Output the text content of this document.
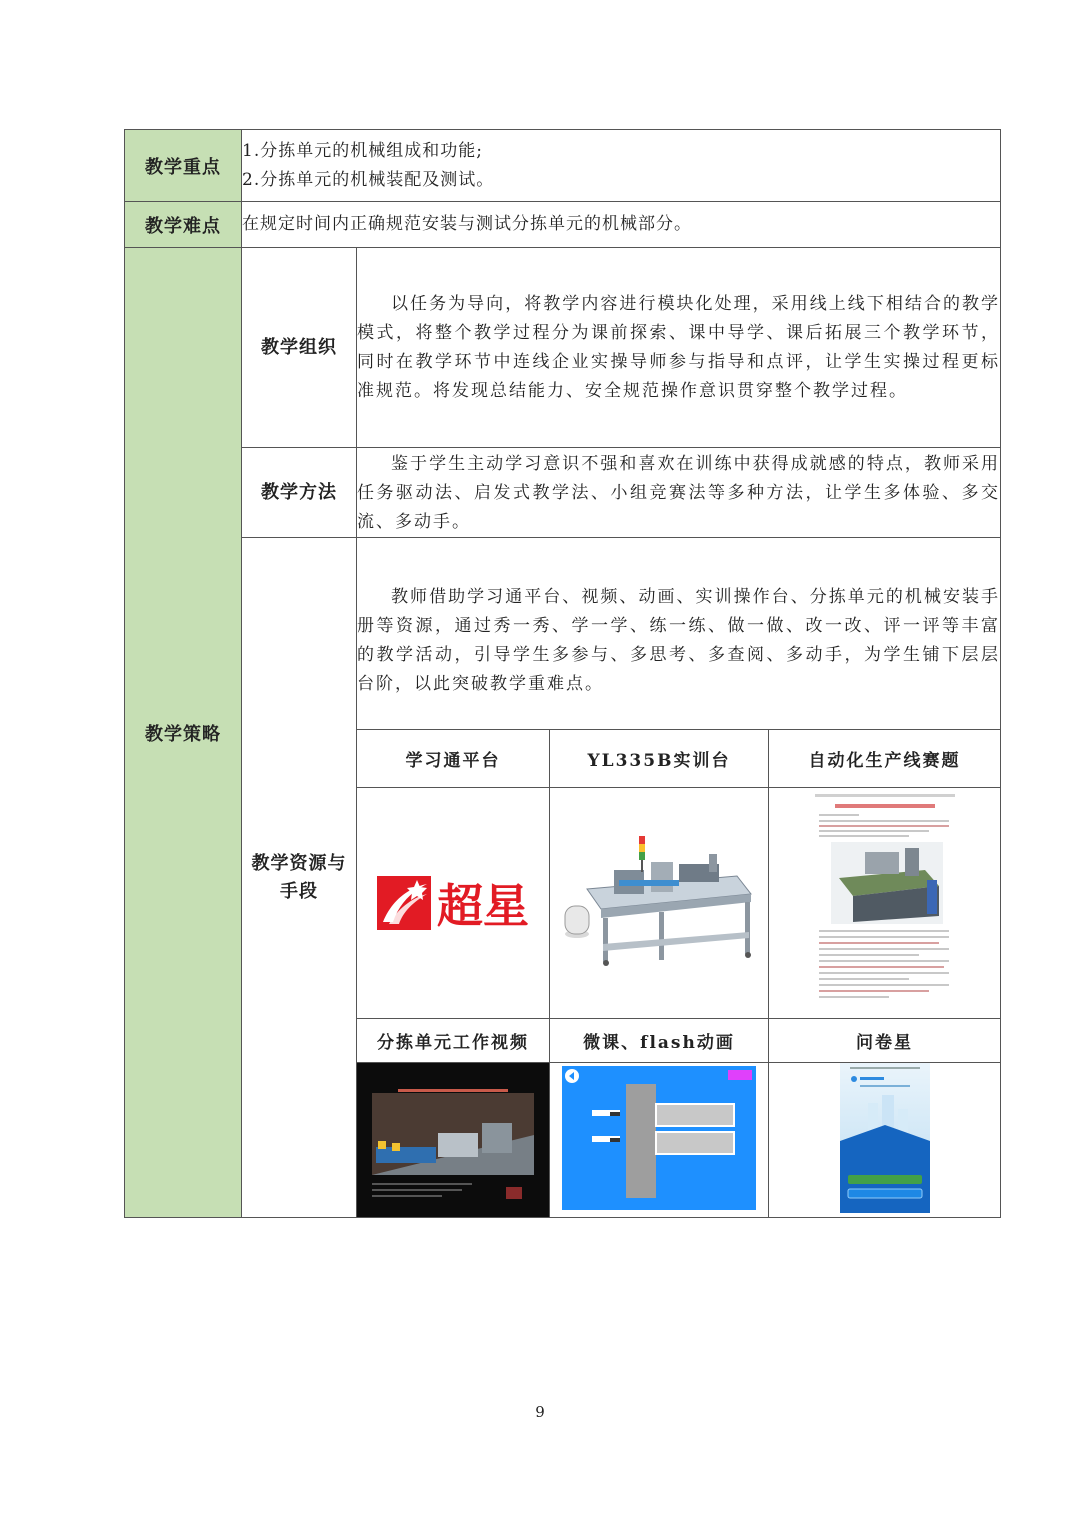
教学重点	1.分拣单元的机械组成和功能;
2.分拣单元的机械装配及测试。			

教学难点	在规定时间内正确规范安装与测试分拣单元的机械部分。			
教学策略	教学组织	以任务为导向，将教学内容进行模块化处理，采用线上线下相结合的教学模式，将整个教学过程分为课前探索、课中导学、课后拓展三个教学环节，同时在教学环节中连线企业实操导师参与指导和点评，让学生实操过程更标准规范。将发现总结能力、安全规范操作意识贯穿整个教学过程。		

	教学方法	鉴于学生主动学习意识不强和喜欢在训练中获得成就感的特点，教师采用任务驱动法、启发式教学法、小组竞赛法等多种方法，让学生多体验、多交流、多动手。		

	教学资源与
手段	教师借助学习通平台、视频、动画、实训操作台、分拣单元的机械安装手册等资源，通过秀一秀、学一学、练一练、做一做、改一改、评一评等丰富的教学活动，引导学生多参与、多思考、多查阅、多动手，为学生铺下层层台阶，以此突破教学重难点。		

		学习通平台	YL335B实训台	自动化生产线赛题

		超星

		分拣单元工作视频	微课、flash动画	问卷星

9
